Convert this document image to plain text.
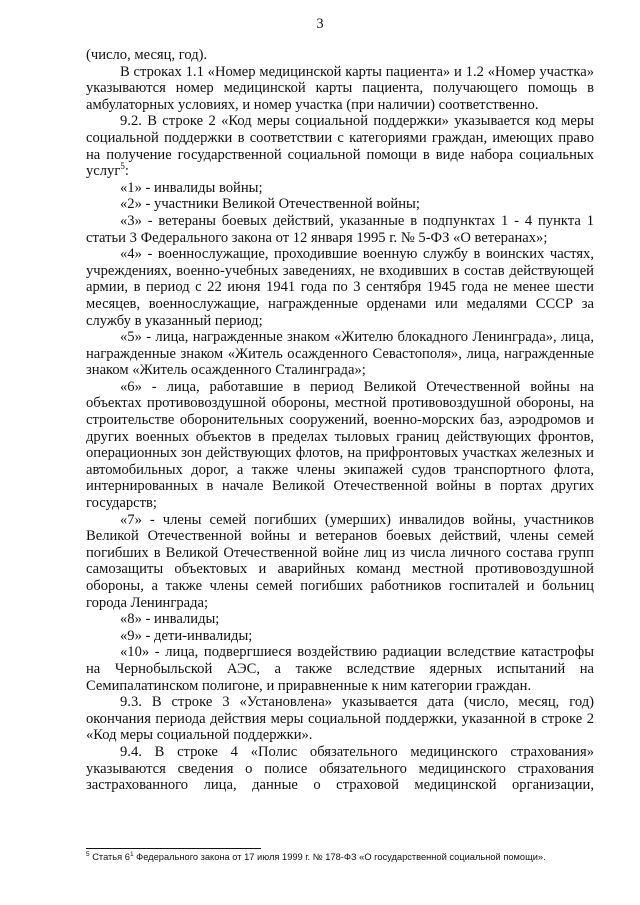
3

(число, месяц, год).

В строках 1.1 «Номер медицинской карты пациента» и 1.2 «Номер участка» указываются номер медицинской карты пациента, получающего помощь в амбулаторных условиях, и номер участка (при наличии) соответственно.

9.2. В строке 2 «Код меры социальной поддержки» указывается код меры социальной поддержки в соответствии с категориями граждан, имеющих право на получение государственной социальной помощи в виде набора социальных услуг$^5$:

«1» - инвалиды войны;

«2» - участники Великой Отечественной войны;

«3» - ветераны боевых действий, указанные в подпунктах 1 - 4 пункта 1 статьи 3 Федерального закона от 12 января 1995 г. № 5-ФЗ «О ветеранах»;

«4» - военнослужащие, проходившие военную службу в воинских частях, учреждениях, военно-учебных заведениях, не входивших в состав действующей армии, в период с 22 июня 1941 года по 3 сентября 1945 года не менее шести месяцев, военнослужащие, награжденные орденами или медалями СССР за службу в указанный период;

«5» - лица, награжденные знаком «Жителю блокадного Ленинграда», лица, награжденные знаком «Житель осажденного Севастополя», лица, награжденные знаком «Житель осажденного Сталинграда»;

«6» - лица, работавшие в период Великой Отечественной войны на объектах противовоздушной обороны, местной противовоздушной обороны, на строительстве оборонительных сооружений, военно-морских баз, аэродромов и других военных объектов в пределах тыловых границ действующих фронтов, операционных зон действующих флотов, на прифронтовых участках железных и автомобильных дорог, а также члены экипажей судов транспортного флота, интернированных в начале Великой Отечественной войны в портах других государств;

«7» - члены семей погибших (умерших) инвалидов войны, участников Великой Отечественной войны и ветеранов боевых действий, члены семей погибших в Великой Отечественной войне лиц из числа личного состава групп самозащиты объектовых и аварийных команд местной противовоздушной обороны, а также члены семей погибших работников госпиталей и больниц города Ленинграда;

«8» - инвалиды;

«9» - дети-инвалиды;

«10» - лица, подвергшиеся воздействию радиации вследствие катастрофы на Чернобыльской АЭС, а также вследствие ядерных испытаний на Семипалатинском полигоне, и приравненные к ним категории граждан.

9.3. В строке 3 «Установлена» указывается дата (число, месяц, год) окончания периода действия меры социальной поддержки, указанной в строке 2 «Код меры социальной поддержки».

9.4. В строке 4 «Полис обязательного медицинского страхования» указываются сведения о полисе обязательного медицинского страхования застрахованного лица, данные о страховой медицинской организации,

$^5$ Статья $6^1$ Федерального закона от 17 июля 1999 г. № 178-ФЗ «О государственной социальной помощи».
